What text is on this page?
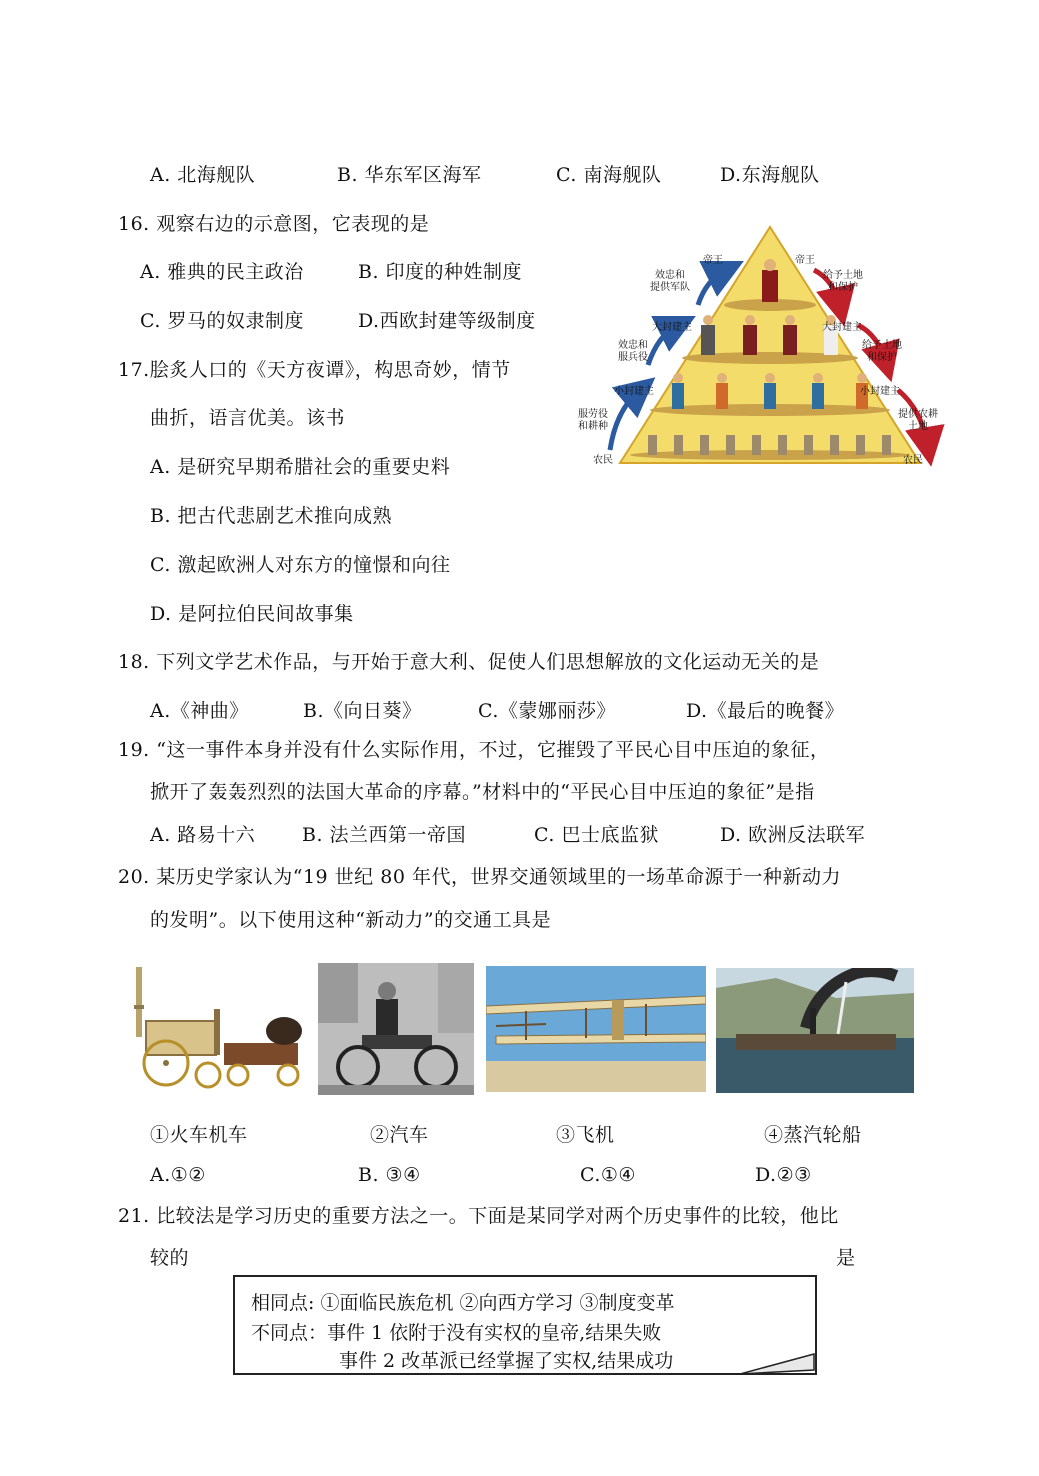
A. 北海舰队	B. 华东军区海军	C. 南海舰队	D.东海舰队
16. 观察右边的示意图，它表现的是
A. 雅典的民主政治	B. 印度的种姓制度
C. 罗马的奴隶制度	D.西欧封建等级制度
帝王	帝王
效忠和
提供军队
给予土地
和保护
大封建主	大封建主
效忠和
服兵役
给予土地
和保护
小封建主	小封建主
服劳役
和耕种
提供农耕
土地
农民	农民
17.脍炙人口的《天方夜谭》，构思奇妙，情节
曲折，语言优美。该书
A. 是研究早期希腊社会的重要史料
B. 把古代悲剧艺术推向成熟
C. 激起欧洲人对东方的憧憬和向往
D. 是阿拉伯民间故事集
18. 下列文学艺术作品，与开始于意大利、促使人们思想解放的文化运动无关的是
A.《神曲》	B.《向日葵》	C.《蒙娜丽莎》	D.《最后的晚餐》
19. “这一事件本身并没有什么实际作用，不过，它摧毁了平民心目中压迫的象征，
掀开了轰轰烈烈的法国大革命的序幕。”材料中的“平民心目中压迫的象征”是指
A. 路易十六 B. 法兰西第一帝国	C. 巴士底监狱	D. 欧洲反法联军
20. 某历史学家认为“19 世纪 80 年代，世界交通领域里的一场革命源于一种新动力
的发明”。以下使用这种“新动力”的交通工具是
①火车机车	②汽车	③飞机	④蒸汽轮船
A.①②	B. ③④	C.①④	D.②③
21. 比较法是学习历史的重要方法之一。下面是某同学对两个历史事件的比较，他比
较的	是
相同点: ①面临民族危机 ②向西方学习 ③制度变革
不同点：事件 1 依附于没有实权的皇帝,结果失败
事件 2 改革派已经掌握了实权,结果成功
